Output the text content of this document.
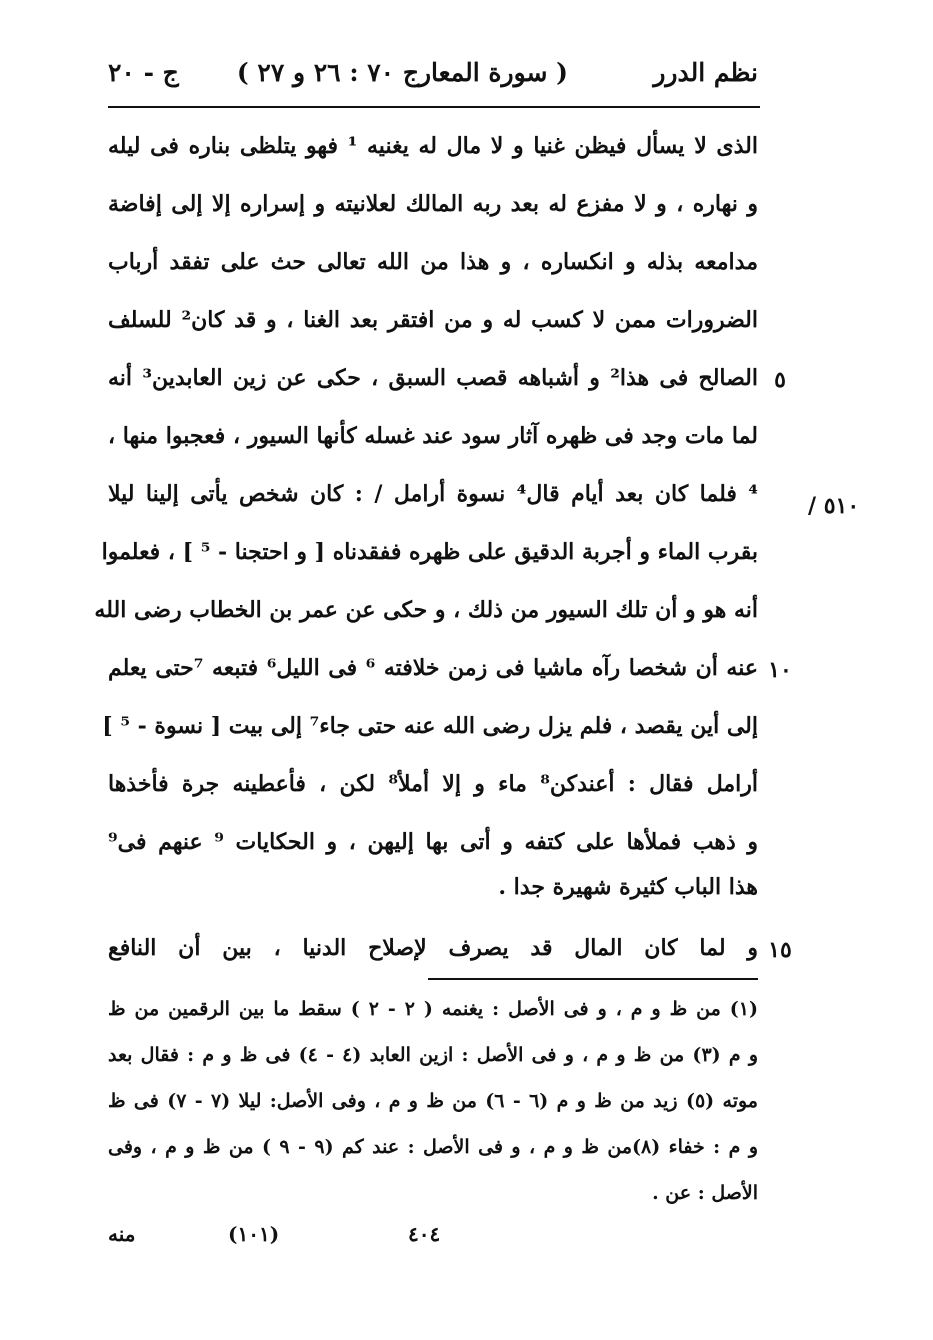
نظم الدرر
( سورة المعارج ٧٠ : ٢٦ و ٢٧ )
ج - ٢٠
/ ٥١٠
الذى لا يسأل فيظن غنيا و لا مال له يغنيه ¹ فهو يتلظى بناره فى ليله
و نهاره ، و لا مفزع له بعد ربه المالك لعلانيته و إسراره إلا إلى إفاضة
مدامعه بذله و انكساره ، و هذا من الله تعالى حث على تفقد أرباب
الضرورات ممن لا كسب له و من افتقر بعد الغنا ، و قد كان² للسلف
الصالح فى هذا² و أشباهه قصب السبق ، حكى عن زين العابدين³ أنه
لما مات وجد فى ظهره آثار سود عند غسله كأنها السيور ، فعجبوا منها ،
⁴ فلما كان بعد أيام قال⁴ نسوة أرامل / : كان شخص يأتى إلينا ليلا
بقرب الماء و أجربة الدقيق على ظهره ففقدناه [ و احتجنا - ⁵ ] ، فعلموا
أنه هو و أن تلك السيور من ذلك ، و حكى عن عمر بن الخطاب رضى الله
عنه أن شخصا رآه ماشيا فى زمن خلافته ⁶ فى الليل⁶ فتبعه ⁷حتى يعلم
إلى أين يقصد ، فلم يزل رضى الله عنه حتى جاء⁷ إلى بيت [ نسوة - ⁵ ]
أرامل فقال : أعندكن⁸ ماء و إلا أملأ⁸ لكن ، فأعطينه جرة فأخذها
و ذهب فملأها على كتفه و أتى بها إليهن ، و الحكايات ⁹ عنهم فى⁹
هذا الباب كثيرة شهيرة جدا .
و لما كان المال قد يصرف لإصلاح الدنيا ، بين أن النافع
٥
١٠
١٥
(١) من ظ و م ، و فى الأصل : يغنمه ( ٢ - ٢ ) سقط ما بين الرقمين من ظ
و م (٣) من ظ و م ، و فى الأصل : ازين العابد (٤ - ٤) فى ظ و م : فقال بعد
موته (٥) زيد من ظ و م (٦ - ٦) من ظ و م ، وفى الأصل: ليلا (٧ - ٧) فى ظ
و م : خفاء (٨)من ظ و م ، و فى الأصل : عند كم (٩ - ٩ ) من ظ و م ، وفى
الأصل : عن .
منه	(١٠١)	٤٠٤
